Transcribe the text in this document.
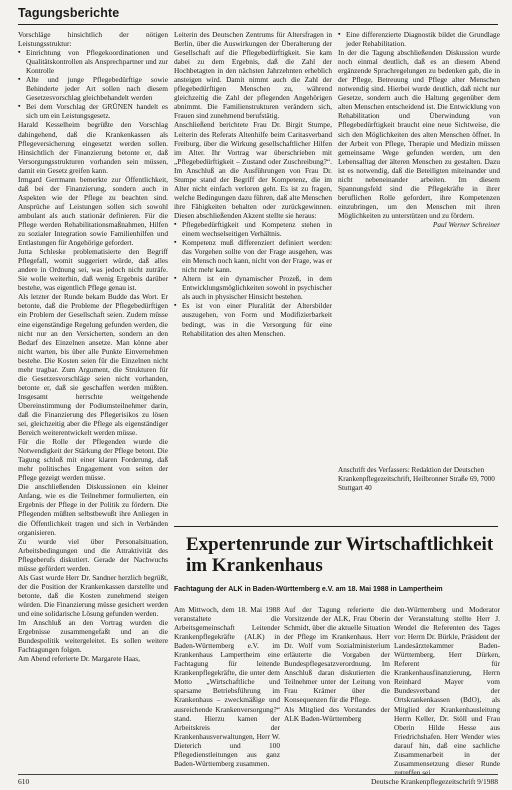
Tagungsberichte

Vorschläge hinsichtlich der nötigen Leistungsstruktur:

▪ Einrichtung von Pflegekoordinationen und Qualitätskontrollen als Ansprechpartner und zur Kontrolle
▪ Alte und junge Pflegebedürftige sowie Behinderte jeder Art sollen nach diesem Gesetzesvorschlag gleichbehandelt werden
▪ Bei dem Vorschlag der GRÜNEN handelt es sich um ein Leistungsgesetz.

Harald Kesselheim begrüßte den Vorschlag dahingehend, daß die Krankenkassen als Pflegeversicherung eingesetzt werden sollen. Hinsichtlich der Finanzierung betonte er, daß Versorgungsstrukturen vorhanden sein müssen, damit ein Gesetz greifen kann.

Irmgard Gerrmann bemerkte zur Öffentlichkeit, daß bei der Finanzierung, sondern auch in Aspekten wie der Pflege zu beachten sind. Ansprüche auf Leistungen sollen sich sowohl ambulant als auch stationär definieren. Für die Pflege werden Rehabilitationsmaßnahmen, Hilfen zu sozialer Integration sowie Familienhilfen und Entlastungen für Angehörige gefordert.

Jutta Schleske problematisierte den Begriff Pflegefall, womit suggeriert würde, daß alles andere in Ordnung sei, was jedoch nicht zuträfe. Sie wolle weiterhin, daß wenig Ergebnis darüber bestehe, was eigentlich Pflege genau ist.

Als letzter der Runde bekam Budde das Wort. Er betonte, daß die Probleme der Pflegebedürftigen ein Problem der Gesellschaft seien. Zudem müsse eine eigenständige Regelung gefunden werden, die nicht nur an den Versicherten, sondern an den Bedarf des Einzelnen ansetze. Man könne aber nicht warten, bis über alle Punkte Einvernehmen bestehe. Die Kosten seien für die Einzelnen nicht mehr tragbar. Zum Argument, die Strukturen für die Gesetzesvorschläge seien nicht vorhanden, betonte er, daß sie geschaffen werden müßten. Insgesamt herrschte weitgehende Übereinstimmung der Podiumsteilnehmer darin, daß die Finanzierung des Pflegerisikos zu lösen sei, gleichzeitig aber die Pflege als eigenständiger Bereich weiterentwickelt werden müsse.

Für die Rolle der Pflegenden wurde die Notwendigkeit der Stärkung der Pflege betont. Die Tagung schloß mit einer klaren Forderung, daß mehr politisches Engagement von seiten der Pflege gezeigt werden müsse.

Die anschließenden Diskussionen ein kleiner Anfang, wie es die Teilnehmer formulierten, ein Ergebnis der Pflege in der Politik zu fördern. Die Pflegenden müßten selbstbewußt ihre Anliegen in die Öffentlichkeit tragen und sich in Verbänden organisieren.

Zu wurde viel über Personalsituation, Arbeitsbedingungen und die Attraktivität des Pflegeberufs diskutiert. Gerade der Nachwuchs müsse gefördert werden.

Als Gast wurde Herr Dr. Sandner herzlich begrüßt, der die Position der Krankenkassen darstellte und betonte, daß die Kosten zunehmend steigen würden. Die Finanzierung müsse gesichert werden und eine solidarische Lösung gefunden werden.

Im Anschluß an den Vortrag wurden die Ergebnisse zusammengefaßt und an die Bundespolitik weitergeleitet. Es sollen weitere Fachtagungen folgen.

Am Abend referierte Dr. Margarete Haas,

Leiterin des Deutschen Zentrums für Altersfragen in Berlin, über die Auswirkungen der Überalterung der Gesellschaft auf die Pflegebedürftigkeit. Sie kam dabei zu dem Ergebnis, daß die Zahl der Hochbetagten in den nächsten Jahrzehnten erheblich ansteigen wird. Damit nimmt auch die Zahl der pflegebedürftigen Menschen zu, während gleichzeitig die Zahl der pflegenden Angehörigen abnimmt. Die Familienstrukturen verändern sich, Frauen sind zunehmend berufstätig.

Anschließend berichtete Frau Dr. Birgit Stumpe, Leiterin des Referats Altenhilfe beim Caritasverband Freiburg, über die Wirkung gesellschaftlicher Hilfen im Alter. Ihr Vortrag war überschrieben mit „Pflegebedürftigkeit – Zustand oder Zuschreibung?“. Im Anschluß an die Ausführungen von Frau Dr. Stumpe stand der Begriff der Kompetenz, die im Alter nicht einfach verloren geht. Es ist zu fragen, welche Bedingungen dazu führen, daß alte Menschen ihre Fähigkeiten behalten oder zurückgewinnen. Diesen abschließenden Akzent stellte sie heraus:

▪ Pflegebedürftigkeit und Kompetenz stehen in einem wechselseitigen Verhältnis.
▪ Kompetenz muß differenziert definiert werden: das Vorgehen sollte von der Frage ausgehen, was ein Mensch noch kann, nicht von der Frage, was er nicht mehr kann.
▪ Altern ist ein dynamischer Prozeß, in dem Entwicklungsmöglichkeiten sowohl in psychischer als auch in physischer Hinsicht bestehen.
▪ Es ist von einer Pluralität der Altersbilder auszugehen, von Form und Modifizierbarkeit bedingt, was in die Versorgung für eine Rehabilitation des alten Menschen.
▪ Eine differenzierte Diagnostik bildet die Grundlage jeder Rehabilitation.

In der die Tagung abschließenden Diskussion wurde noch einmal deutlich, daß es an diesem Abend ergänzende Sprachregelungen zu bedenken gab, die in der Pflege, Betreuung und Pflege alter Menschen notwendig sind. Hierbei wurde deutlich, daß nicht nur Gesetze, sondern auch die Haltung gegenüber dem alten Menschen entscheidend ist. Die Entwicklung von Rehabilitation und Überwindung von Pflegebedürftigkeit braucht eine neue Sichtweise, die sich den Möglichkeiten des alten Menschen öffnet. In der Arbeit von Pflege, Therapie und Medizin müssen gemeinsame Wege gefunden werden, um den Lebensalltag der älteren Menschen zu gestalten. Dazu ist es notwendig, daß die Beteiligten miteinander und nicht nebeneinander arbeiten. Im diesem Spannungsfeld sind die Pflegekräfte in ihrer beruflichen Rolle gefordert, ihre Kompetenzen einzubringen, um den Menschen mit ihren Möglichkeiten zu unterstützen und zu fördern.

Paul Werner Schreiner

Anschrift des Verfassers: Redaktion der Deutschen Krankenpflegezeitschrift, Heilbronner Straße 69, 7000 Stuttgart 40
Expertenrunde zur Wirtschaftlichkeit im Krankenhaus

Fachtagung der ALK in Baden-Württemberg e.V. am 18. Mai 1988 in Lampertheim

Am Mittwoch, dem 18. Mai 1988 veranstaltete die Arbeitsgemeinschaft Leitender Krankenpflegekräfte (ALK) in Baden-Württemberg e.V. im Krankenhaus Lampertheim eine Fachtagung für leitende Krankenpflegekräfte, die unter dem Motto „Wirtschaftliche und sparsame Betriebsführung im Krankenhaus – zweckmäßige und ausreichende Krankenversorgung?“ stand. Hierzu kamen der Arbeitskreis der Krankenhausverwaltungen, Herr W. Dieterich und 100 Pflegedienstleitungen aus ganz Baden-Württemberg zusammen.

Auf der Tagung referierte die Vorsitzende der ALK, Frau Oberin Schmidt, über die aktuelle Situation der Pflege im Krankenhaus. Herr Dr. Wolf vom Sozialministerium erläuterte die Vorgaben der Bundespflegesatzverordnung. Im Anschluß daran diskutierten die Teilnehmer unter der Leitung von Frau Krämer über die Konsequenzen für die Pflege.

Als Mitglied des Vorstandes der ALK Baden-Württemberg

den-Württemberg und Moderator der Veranstaltung stellte Herr J. Wendel die Referenten des Tages vor: Herrn Dr. Bürkle, Präsident der Landesärztekammer Baden-Württemberg, Herr Dürken, Referent für Krankenhausfinanzierung, Herrn Reinhard Mayer vom Bundesverband der Ortskrankenkassen (BdO), als Mitglied der Krankenhausleitung Herrn Keller, Dr. Stöll und Frau Oberin Hilde Hesse aus Friedrichshafen. Herr Wender wies darauf hin, daß eine sachliche Zusammenarbeit in der Zusammensetzung dieser Runde zutreffen sei.

610	Deutsche Krankenpflegezeitschrift 9/1988
